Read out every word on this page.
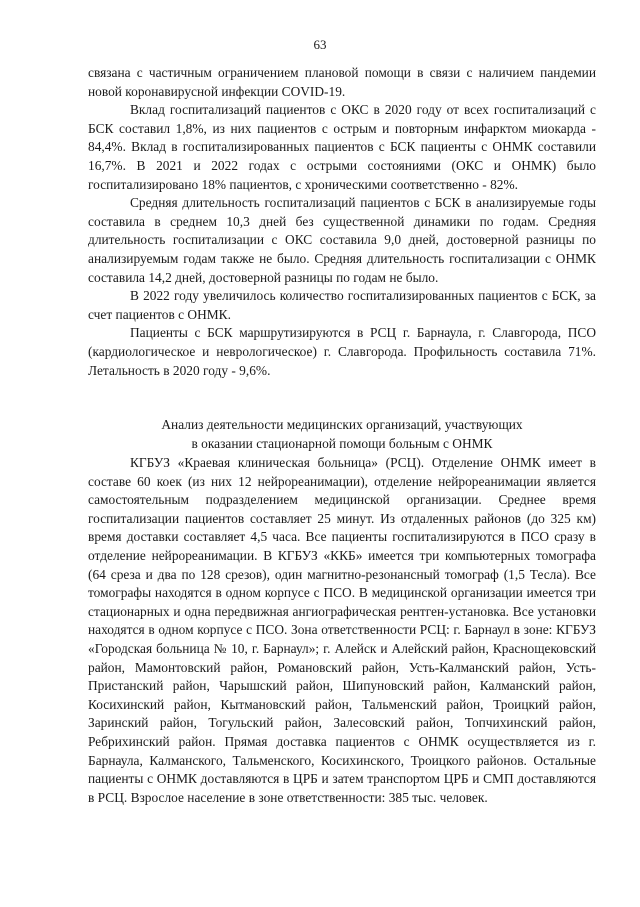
63

связана с частичным ограничением плановой помощи в связи с наличием пандемии новой коронавирусной инфекции COVID-19.

Вклад госпитализаций пациентов с ОКС в 2020 году от всех госпитализаций с БСК составил 1,8%, из них пациентов с острым и повторным инфарктом миокарда - 84,4%. Вклад в госпитализированных пациентов с БСК пациенты с ОНМК составили 16,7%. В 2021 и 2022 годах с острыми состояниями (ОКС и ОНМК) было госпитализировано 18% пациентов, с хроническими соответственно - 82%.

Средняя длительность госпитализаций пациентов с БСК в анализируемые годы составила в среднем 10,3 дней без существенной динамики по годам. Средняя длительность госпитализации с ОКС составила 9,0 дней, достоверной разницы по анализируемым годам также не было. Средняя длительность госпитализации с ОНМК составила 14,2 дней, достоверной разницы по годам не было.

В 2022 году увеличилось количество госпитализированных пациентов с БСК, за счет пациентов с ОНМК.

Пациенты с БСК маршрутизируются в РСЦ г. Барнаула, г. Славгорода, ПСО (кардиологическое и неврологическое) г. Славгорода. Профильность составила 71%. Летальность в 2020 году - 9,6%.

Анализ деятельности медицинских организаций, участвующих
в оказании стационарной помощи больным с ОНМК

КГБУЗ «Краевая клиническая больница» (РСЦ). Отделение ОНМК имеет в составе 60 коек (из них 12 нейрореанимации), отделение нейрореанимации является самостоятельным подразделением медицинской организации. Среднее время госпитализации пациентов составляет 25 минут. Из отдаленных районов (до 325 км) время доставки составляет 4,5 часа. Все пациенты госпитализируются в ПСО сразу в отделение нейрореанимации. В КГБУЗ «ККБ» имеется три компьютерных томографа (64 среза и два по 128 срезов), один магнитно-резонансный томограф (1,5 Тесла). Все томографы находятся в одном корпусе с ПСО. В медицинской организации имеется три стационарных и одна передвижная ангиографическая рентген-установка. Все установки находятся в одном корпусе с ПСО. Зона ответственности РСЦ: г. Барнаул в зоне: КГБУЗ «Городская больница № 10, г. Барнаул»; г. Алейск и Алейский район, Краснощековский район, Мамонтовский район, Романовский район, Усть-Калманский район, Усть-Пристанский район, Чарышский район, Шипуновский район, Калманский район, Косихинский район, Кытмановский район, Тальменский район, Троицкий район, Заринский район, Тогульский район, Залесовский район, Топчихинский район, Ребрихинский район. Прямая доставка пациентов с ОНМК осуществляется из г. Барнаула, Калманского, Тальменского, Косихинского, Троицкого районов. Остальные пациенты с ОНМК доставляются в ЦРБ и затем транспортом ЦРБ и СМП доставляются в РСЦ. Взрослое население в зоне ответственности: 385 тыс. человек.
